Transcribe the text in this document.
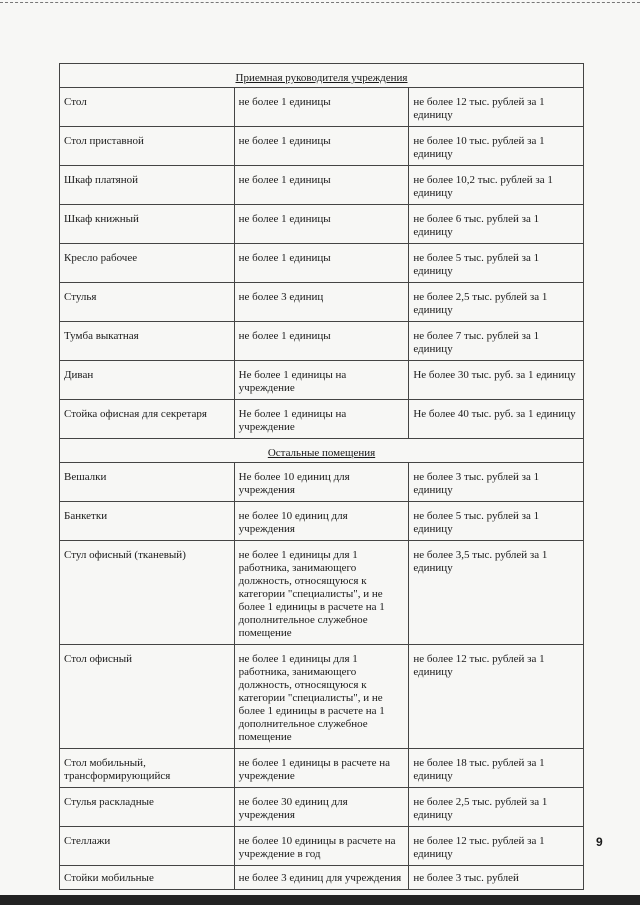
Приемная руководителя учреждения		
Стол	не более 1 единицы	не более 12 тыс. рублей за 1 единицу
Стол приставной	не более 1 единицы	не более 10 тыс. рублей за 1 единицу
Шкаф платяной	не более 1 единицы	не более 10,2 тыс. рублей за 1 единицу
Шкаф книжный	не более 1 единицы	не более 6 тыс. рублей за 1 единицу
Кресло рабочее	не более 1 единицы	не более 5 тыс. рублей за 1 единицу
Стулья	не более 3 единиц	не более 2,5 тыс. рублей за 1 единицу
Тумба выкатная	не более 1 единицы	не более 7 тыс. рублей за 1 единицу
Диван	Не более 1 единицы на учреждение	Не более 30 тыс. руб. за 1 единицу
Стойка офисная для секретаря	Не более 1 единицы на учреждение	Не более 40 тыс. руб. за 1 единицу
Остальные помещения		
Вешалки	Не более 10 единиц для учреждения	не более 3 тыс. рублей за 1 единицу
Банкетки	не более 10 единиц для учреждения	не более 5 тыс. рублей за 1 единицу
Стул офисный (тканевый)	не более 1 единицы для 1 работника, занимающего должность, относящуюся к категории "специалисты", и не более 1 единицы в расчете на 1 дополнительное служебное помещение	не более 3,5 тыс. рублей за 1 единицу
Стол офисный	не более 1 единицы для 1 работника, занимающего должность, относящуюся к категории "специалисты", и не более 1 единицы в расчете на 1 дополнительное служебное помещение	не более 12 тыс. рублей за 1 единицу
Стол мобильный, трансформирующийся	не более 1 единицы в расчете на учреждение	не более 18 тыс. рублей за 1 единицу
Стулья раскладные	не более 30 единиц для учреждения	не более 2,5 тыс. рублей за 1 единицу
Стеллажи	не более 10 единицы в расчете на учреждение в год	не более 12 тыс. рублей за 1 единицу
Стойки мобильные	не более 3 единиц для учреждения	не более 3 тыс. рублей
9
